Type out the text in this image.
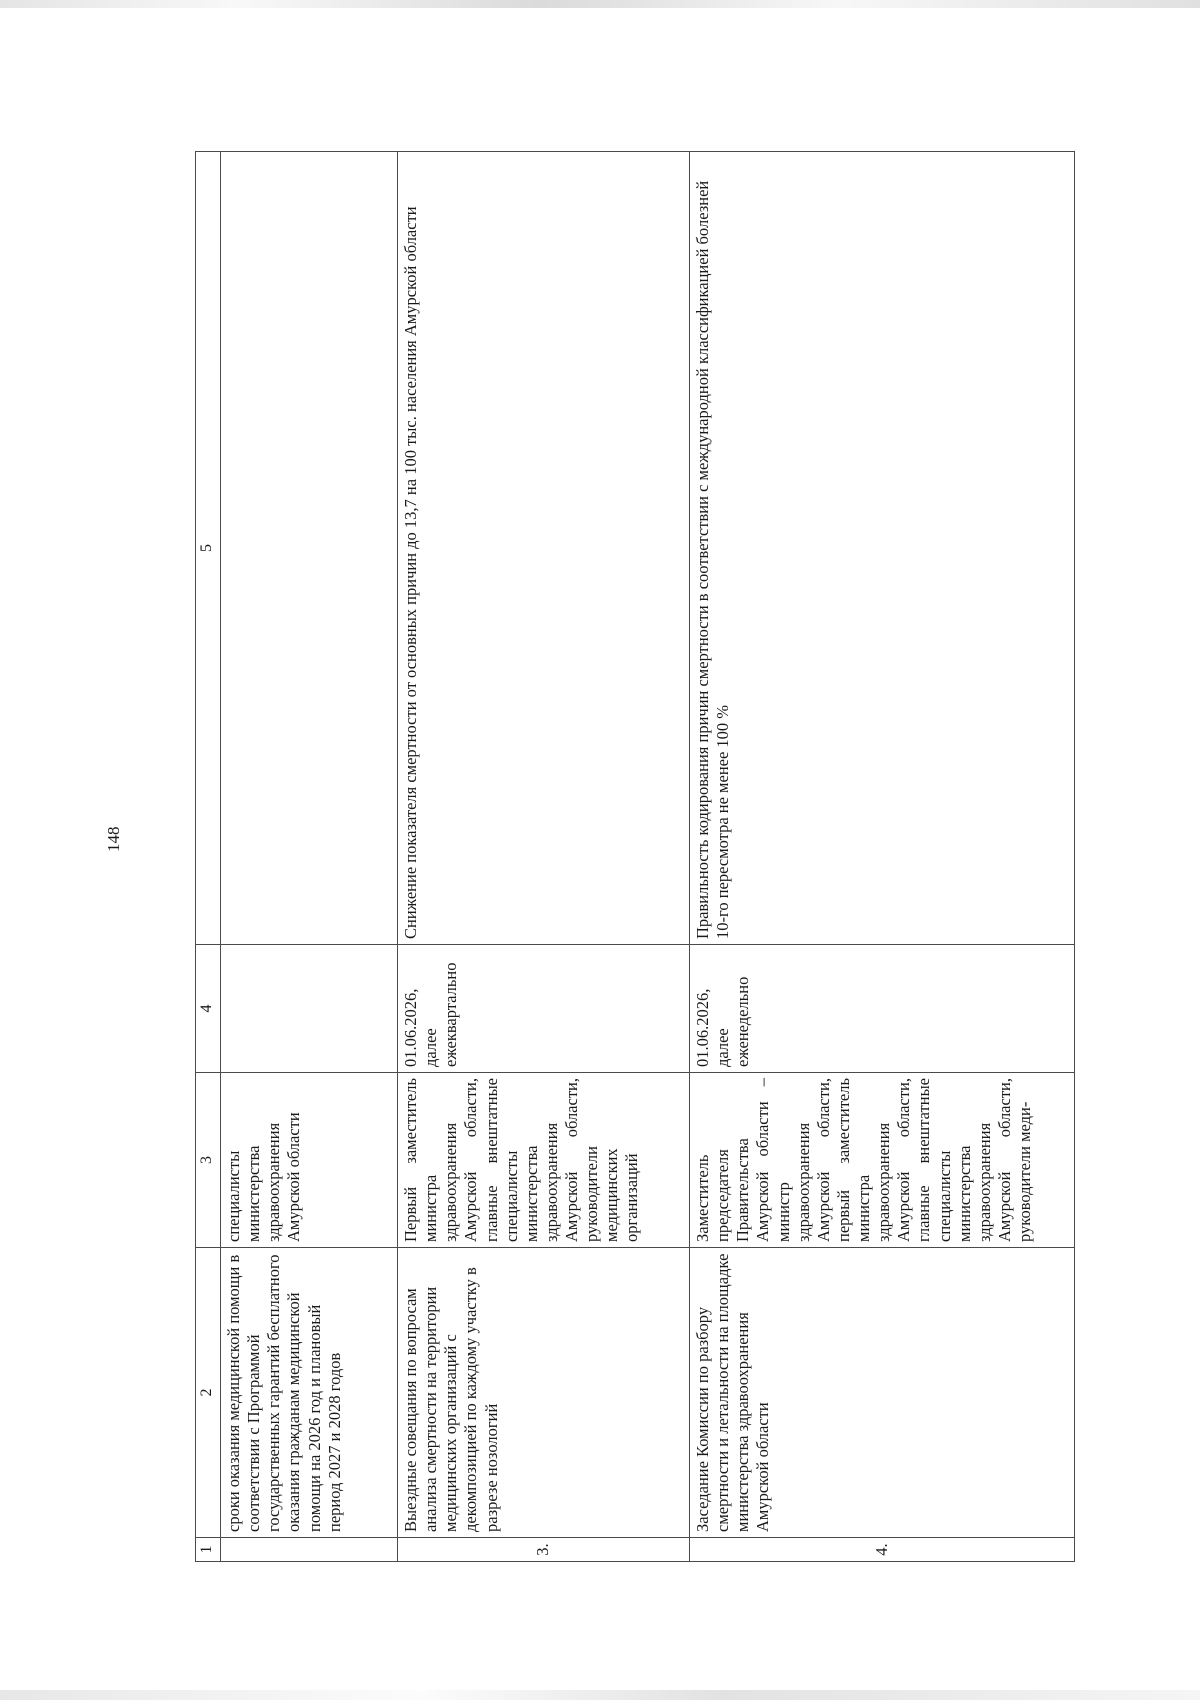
148
1	2	3	4	5
	сроки оказания медицинской помощи в соответствии с Программой государственных гарантий бесплатного оказания гражданам медицинской помощи на 2026 год и плановый период 2027 и 2028 годов	специалисты министерства здравоохранения Амурской области		
3.	Выездные совещания по вопросам анализа смертности на территории медицинских организаций с декомпозицией по каждому участку в разрезе нозологий	Первый заместитель министра здравоохранения Амурской области, главные внештатные специалисты министерства здравоохранения Амурской области, руководители медицинских организаций	01.06.2026, далее ежеквартально	Снижение показателя смертности от основных причин до 13,7 на 100 тыс. населения Амурской области
4.	Заседание Комиссии по разбору смертности и летальности на площадке министерства здравоохранения Амурской области	Заместитель председателя Правительства Амурской области – министр здравоохранения Амурской области, первый заместитель министра здравоохранения Амурской области, главные внештатные специалисты министерства здравоохранения Амурской области, руководители меди-	01.06.2026, далее еженедельно	Правильность кодирования причин смертности в соответствии с международной классификацией болезней 10-го пересмотра не менее 100 %
